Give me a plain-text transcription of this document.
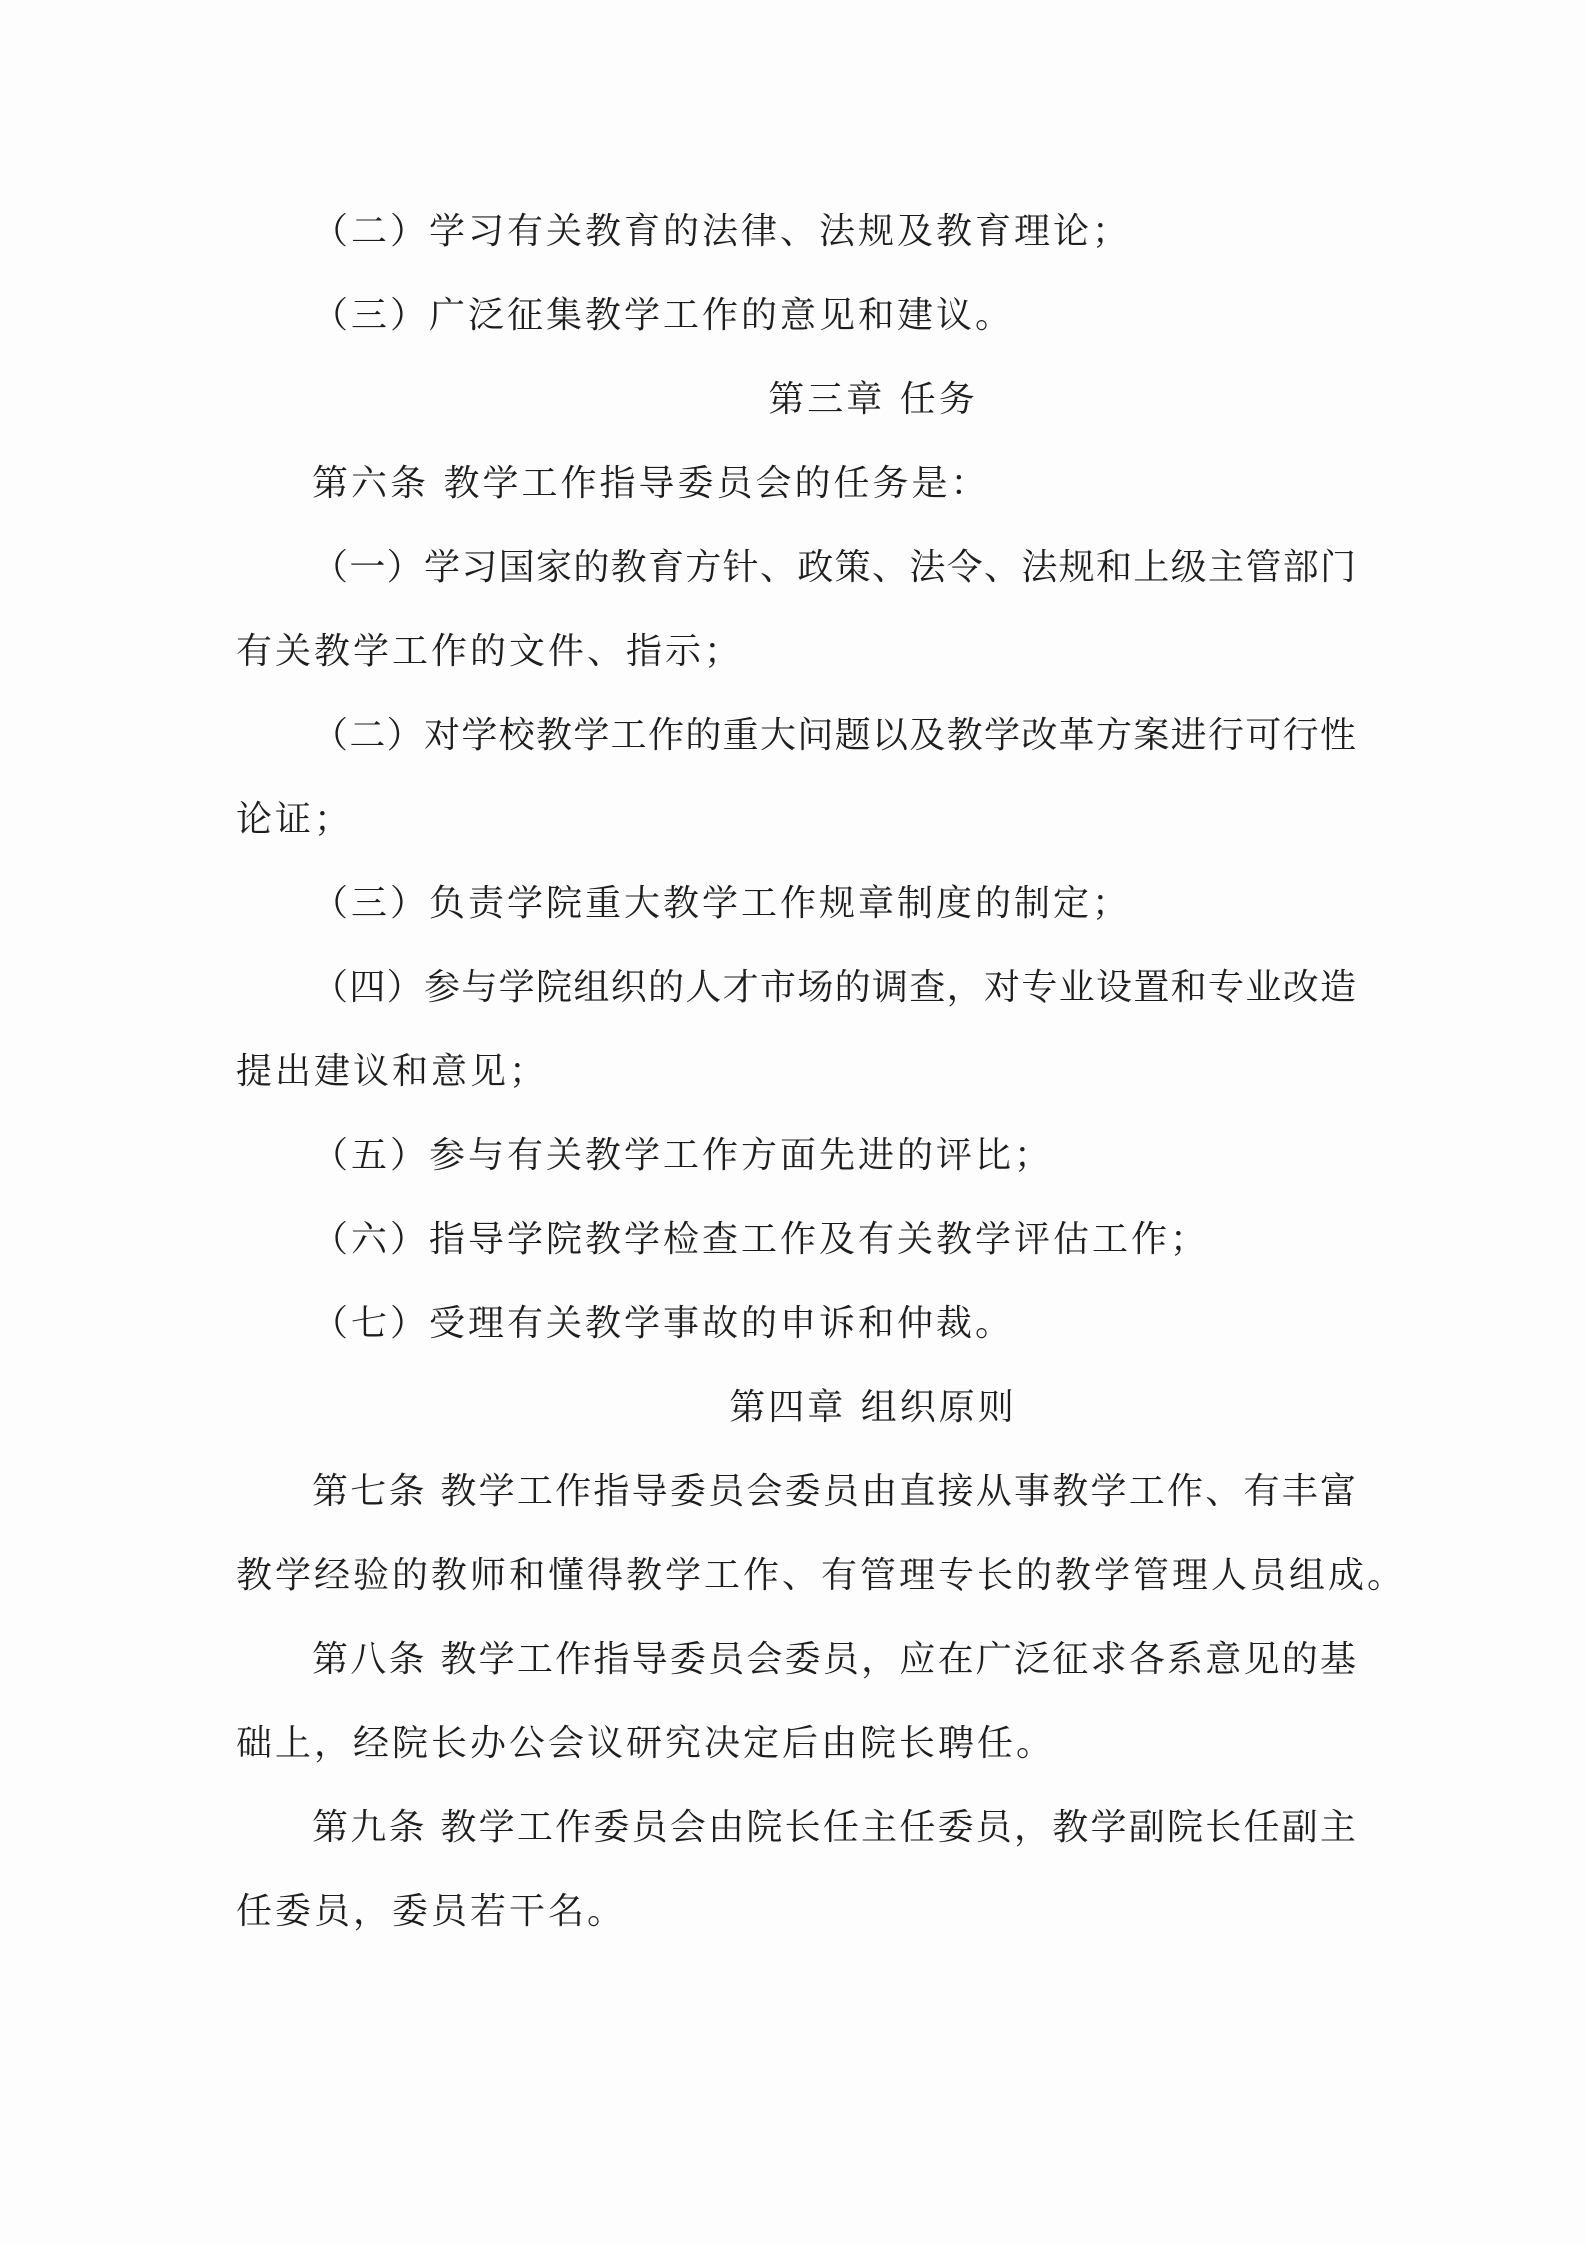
（二）学习有关教育的法律、法规及教育理论；
（三）广泛征集教学工作的意见和建议。
第三章 任务
第六条 教学工作指导委员会的任务是：
（一）学习国家的教育方针、政策、法令、法规和上级主管部门
有关教学工作的文件、指示；
（二）对学校教学工作的重大问题以及教学改革方案进行可行性
论证；
（三）负责学院重大教学工作规章制度的制定；
（四）参与学院组织的人才市场的调查，对专业设置和专业改造
提出建议和意见；
（五）参与有关教学工作方面先进的评比；
（六）指导学院教学检查工作及有关教学评估工作；
（七）受理有关教学事故的申诉和仲裁。
第四章 组织原则
第七条 教学工作指导委员会委员由直接从事教学工作、有丰富
教学经验的教师和懂得教学工作、有管理专长的教学管理人员组成。
第八条 教学工作指导委员会委员，应在广泛征求各系意见的基
础上，经院长办公会议研究决定后由院长聘任。
第九条 教学工作委员会由院长任主任委员，教学副院长任副主
任委员，委员若干名。
